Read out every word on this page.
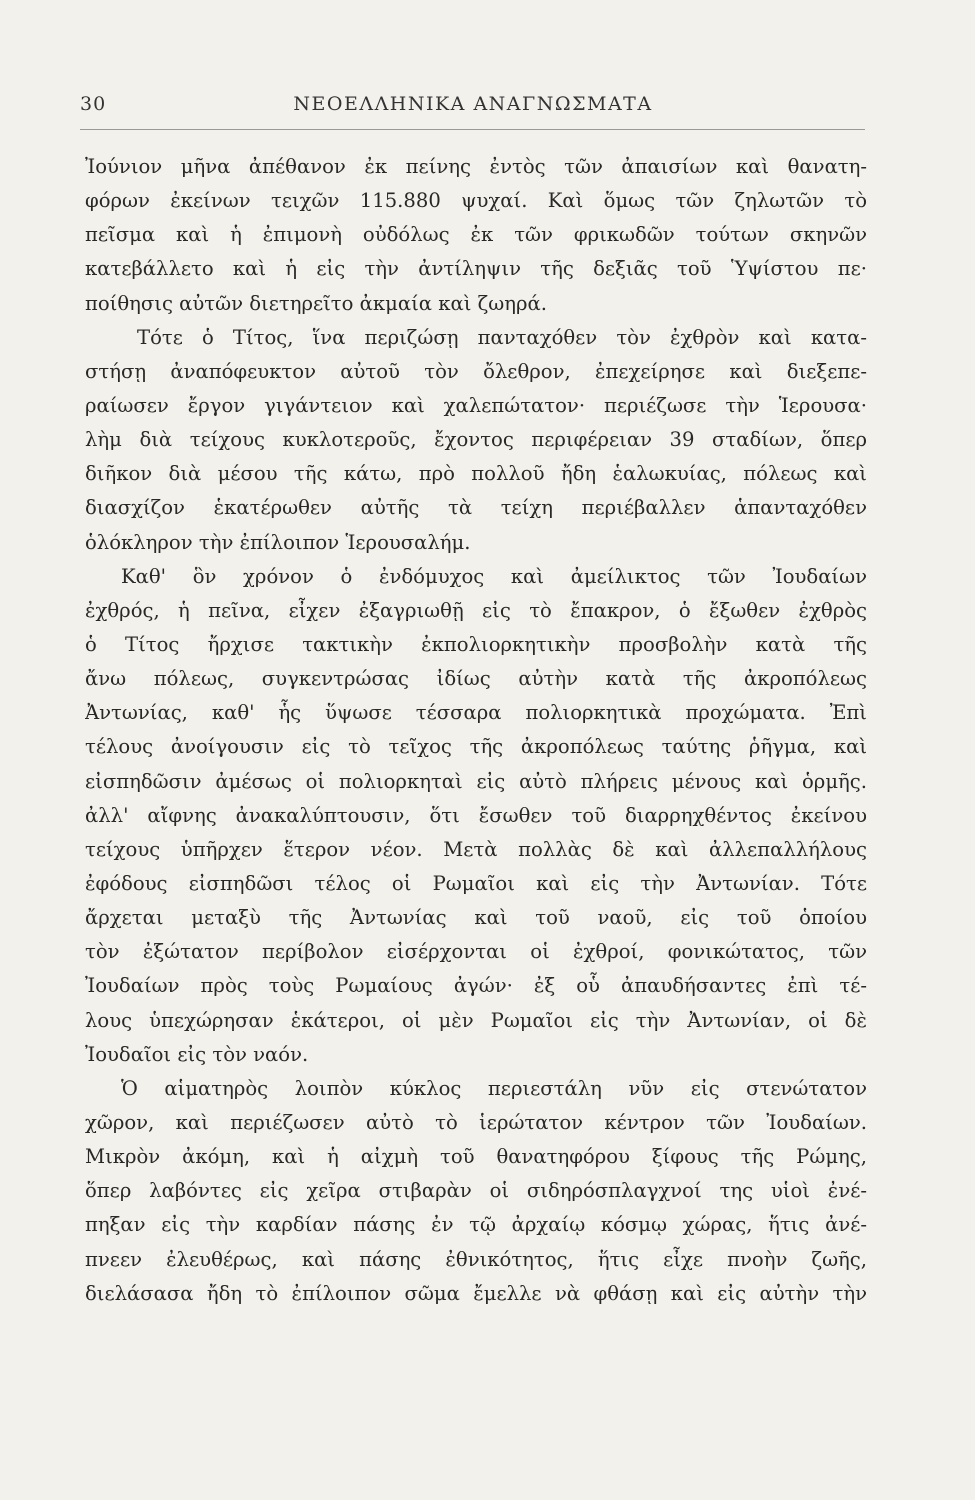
30	ΝΕΟΕΛΛΗΝΙΚΑ ΑΝΑΓΝΩΣΜΑΤΑ
Ἰούνιον μῆνα ἀπέθανον ἐκ πείνης ἐντὸς τῶν ἀπαισίων καὶ θανατη-
φόρων ἐκείνων τειχῶν 115.880 ψυχαί. Καὶ ὅμως τῶν ζηλωτῶν τὸ
πεῖσμα καὶ ἡ ἐπιμονὴ οὐδόλως ἐκ τῶν φρικωδῶν τούτων σκηνῶν
κατεβάλλετο καὶ ἡ εἰς τὴν ἀντίληψιν τῆς δεξιᾶς τοῦ Ὑψίστου πε·
ποίθησις αὐτῶν διετηρεῖτο ἀκμαία καὶ ζωηρά.
Τότε ὁ Τίτος, ἵνα περιζώσῃ πανταχόθεν τὸν ἐχθρὸν καὶ κατα-
στήσῃ ἀναπόφευκτον αὐτοῦ τὸν ὄλεθρον, ἐπεχείρησε καὶ διεξεπε-
ραίωσεν ἔργον γιγάντειον καὶ χαλεπώτατον· περιέζωσε τὴν Ἱερουσα·
λὴμ διὰ τείχους κυκλοτεροῦς, ἔχοντος περιφέρειαν 39 σταδίων, ὅπερ
διῆκον διὰ μέσου τῆς κάτω, πρὸ πολλοῦ ἤδη ἑαλωκυίας, πόλεως καὶ
διασχίζον ἑκατέρωθεν αὐτῆς τὰ τείχη περιέβαλλεν ἁπανταχόθεν
ὁλόκληρον τὴν ἐπίλοιπον Ἱερουσαλήμ.
Καθ' ὃν χρόνον ὁ ἐνδόμυχος καὶ ἀμείλικτος τῶν Ἰουδαίων
ἐχθρός, ἡ πεῖνα, εἶχεν ἐξαγριωθῇ εἰς τὸ ἔπακρον, ὁ ἔξωθεν ἐχθρὸς
ὁ Τίτος ἤρχισε τακτικὴν ἐκπολιορκητικὴν προσβολὴν κατὰ τῆς
ἄνω πόλεως, συγκεντρώσας ἰδίως αὐτὴν κατὰ τῆς ἀκροπόλεως
Ἀντωνίας, καθ' ἧς ὕψωσε τέσσαρα πολιορκητικὰ προχώματα. Ἐπὶ
τέλους ἀνοίγουσιν εἰς τὸ τεῖχος τῆς ἀκροπόλεως ταύτης ῥῆγμα, καὶ
εἰσπηδῶσιν ἀμέσως οἱ πολιορκηταὶ εἰς αὐτὸ πλήρεις μένους καὶ ὁρμῆς.
ἀλλ' αἴφνης ἀνακαλύπτουσιν, ὅτι ἔσωθεν τοῦ διαρρηχθέντος ἐκείνου
τείχους ὑπῆρχεν ἕτερον νέον. Μετὰ πολλὰς δὲ καὶ ἀλλεπαλλήλους
ἐφόδους εἰσπηδῶσι τέλος οἱ Ρωμαῖοι καὶ εἰς τὴν Ἀντωνίαν. Τότε
ἄρχεται μεταξὺ τῆς Ἀντωνίας καὶ τοῦ ναοῦ, εἰς τοῦ ὁποίου
τὸν ἐξώτατον περίβολον εἰσέρχονται οἱ ἐχθροί, φονικώτατος, τῶν
Ἰουδαίων πρὸς τοὺς Ρωμαίους ἀγών· ἐξ οὗ ἀπαυδήσαντες ἐπὶ τέ-
λους ὑπεχώρησαν ἑκάτεροι, οἱ μὲν Ρωμαῖοι εἰς τὴν Ἀντωνίαν, οἱ δὲ
Ἰουδαῖοι εἰς τὸν ναόν.
Ὁ αἱματηρὸς λοιπὸν κύκλος περιεστάλη νῦν εἰς στενώτατον
χῶρον, καὶ περιέζωσεν αὐτὸ τὸ ἱερώτατον κέντρον τῶν Ἰουδαίων.
Μικρὸν ἀκόμη, καὶ ἡ αἰχμὴ τοῦ θανατηφόρου ξίφους τῆς Ρώμης,
ὅπερ λαβόντες εἰς χεῖρα στιβαρὰν οἱ σιδηρόσπλαγχνοί της υἱοὶ ἐνέ-
πηξαν εἰς τὴν καρδίαν πάσης ἐν τῷ ἀρχαίῳ κόσμῳ χώρας, ἥτις ἀνέ-
πνεεν ἐλευθέρως, καὶ πάσης ἐθνικότητος, ἥτις εἶχε πνοὴν ζωῆς,
διελάσασα ἤδη τὸ ἐπίλοιπον σῶμα ἔμελλε νὰ φθάσῃ καὶ εἰς αὐτὴν τὴν
